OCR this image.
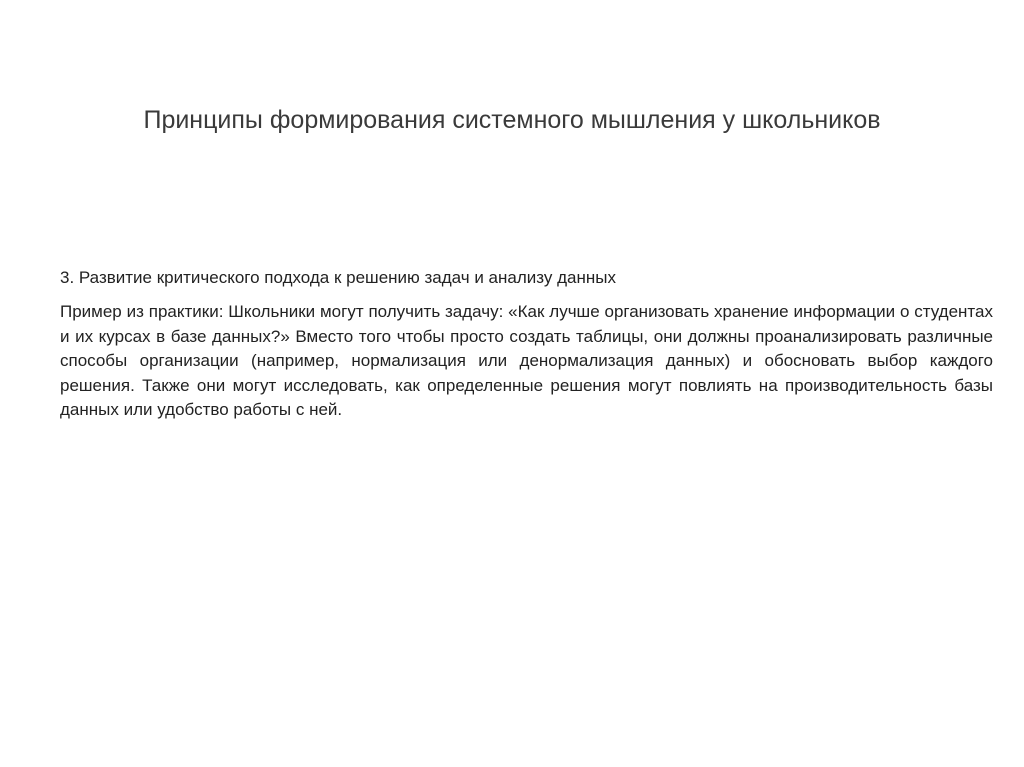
Принципы формирования системного мышления у школьников

3. Развитие критического подхода к решению задач и анализу данных

Пример из практики: Школьники могут получить задачу: «Как лучше организовать хранение информации о студентах и их курсах в базе данных?» Вместо того чтобы просто создать таблицы, они должны проанализировать различные способы организации (например, нормализация или денормализация данных) и обосновать выбор каждого решения. Также они могут исследовать, как определенные решения могут повлиять на производительность базы данных или удобство работы с ней.
